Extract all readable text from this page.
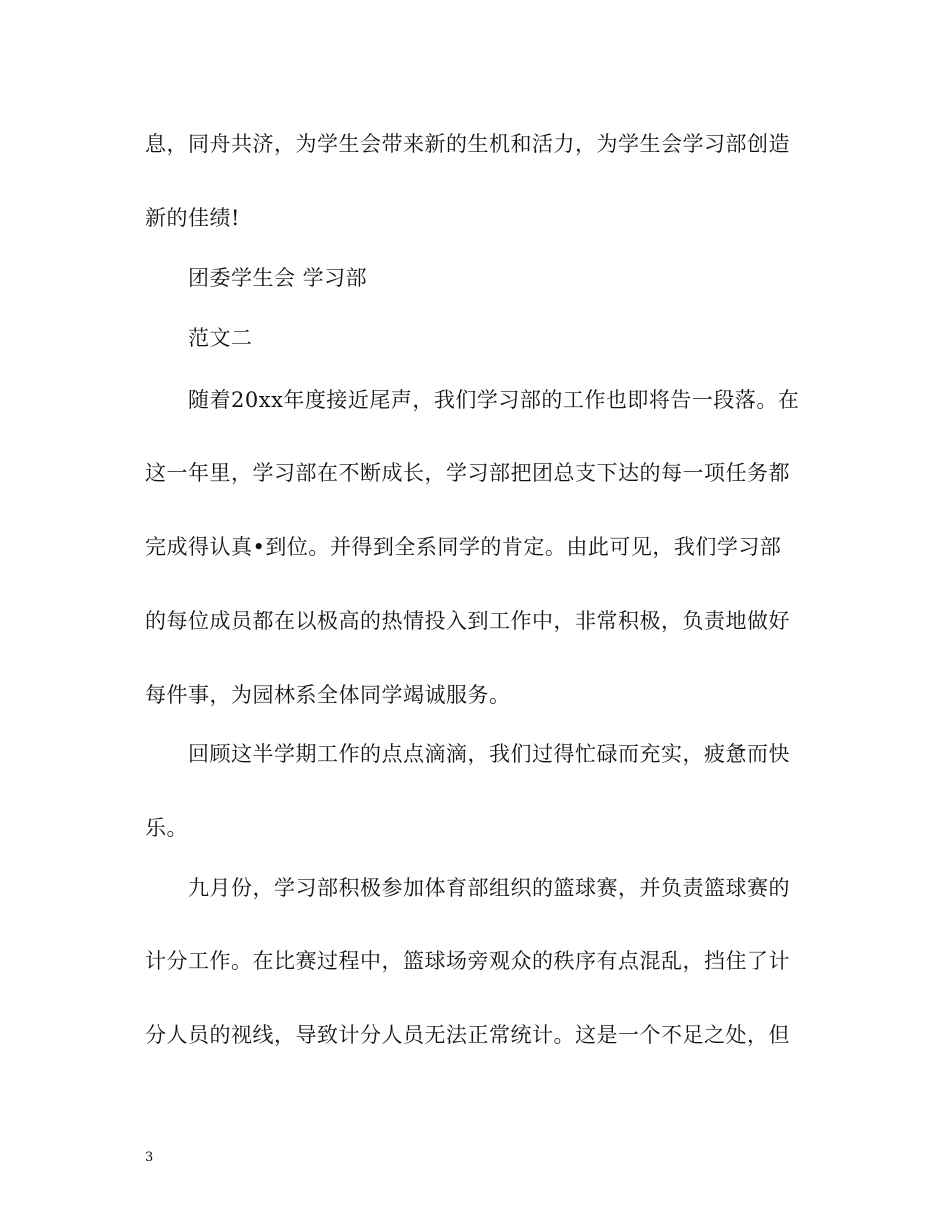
息，同舟共济，为学生会带来新的生机和活力，为学生会学习部创造
新的佳绩!
团委学生会 学习部
范文二
随着20xx年度接近尾声，我们学习部的工作也即将告一段落。在
这一年里，学习部在不断成长，学习部把团总支下达的每一项任务都
完成得认真•到位。并得到全系同学的肯定。由此可见，我们学习部
的每位成员都在以极高的热情投入到工作中，非常积极，负责地做好
每件事，为园林系全体同学竭诚服务。
回顾这半学期工作的点点滴滴，我们过得忙碌而充实，疲惫而快
乐。
九月份，学习部积极参加体育部组织的篮球赛，并负责篮球赛的
计分工作。在比赛过程中，篮球场旁观众的秩序有点混乱，挡住了计
分人员的视线，导致计分人员无法正常统计。这是一个不足之处，但
3
